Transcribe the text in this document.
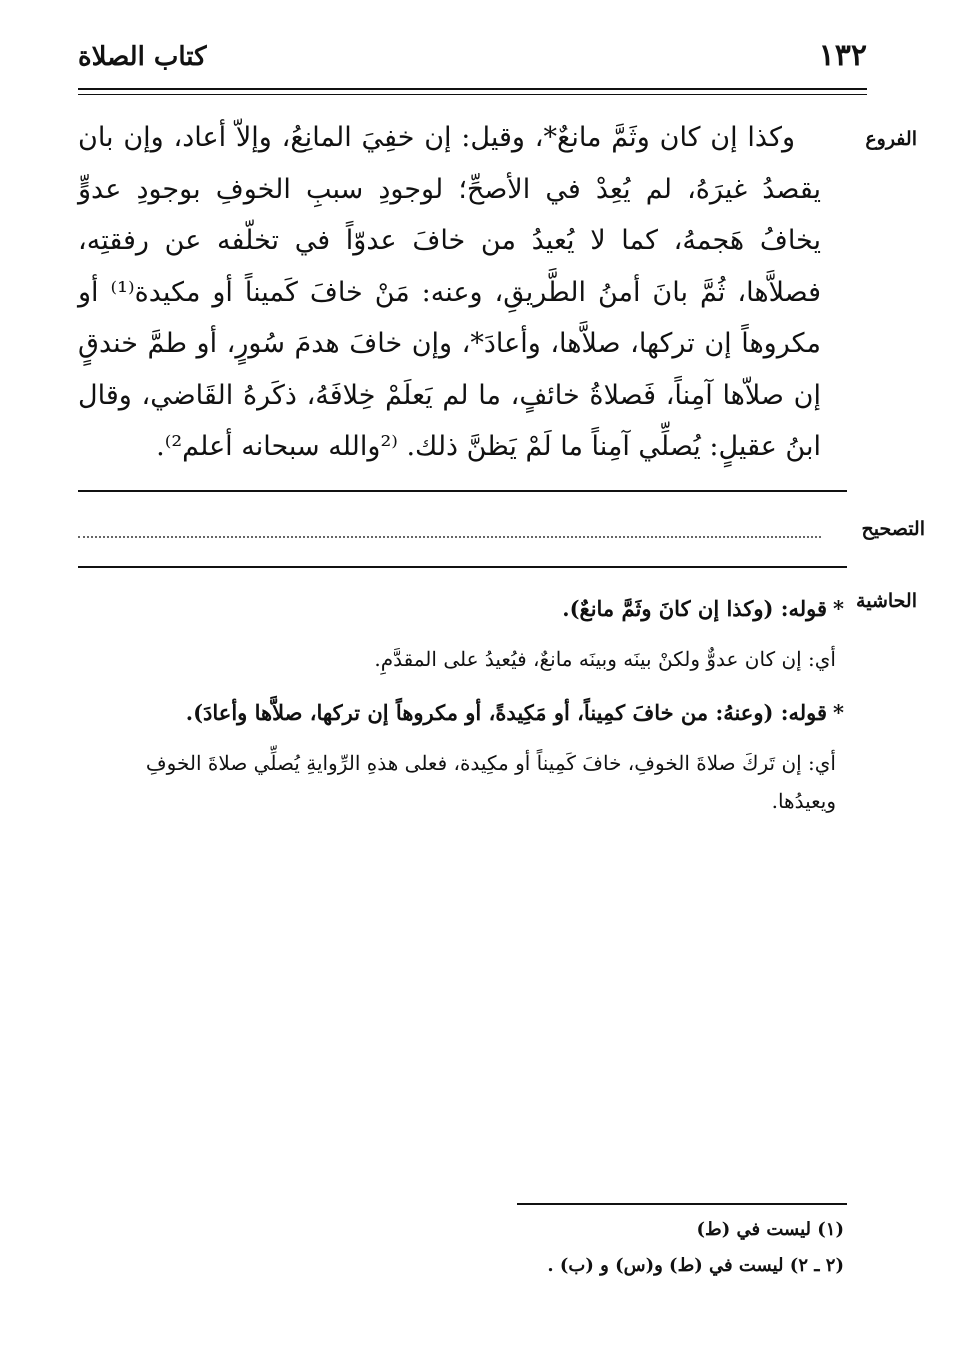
١٣٢
كتاب الصلاة
الفروع

وكذا إن كان وثَمَّ مانعٌ*، وقيل: إن خفِيَ المانِعُ، وإلاّ أعاد، وإن بان يقصدُ غيرَهُ، لم يُعِدْ في الأصحِّ؛ لوجودِ سببِ الخوفِ بوجودِ عدوٍّ يخافُ هَجمهُ، كما لا يُعيدُ من خافَ عدوّاً في تخلّفه عن رفقتِه، فصلاَّها، ثُمَّ بانَ أمنُ الطَّريقِ، وعنه: مَنْ خافَ كَميناً أو مكيدة⁽¹⁾ أو مكروهاً إن تركها، صلاَّها، وأعادَ*، وإن خافَ هدمَ سُورٍ، أو طمَّ خندقٍ إن صلاّها آمِناً، فَصلاةُ خائفٍ، ما لم يَعلَمْ خِلافَهُ، ذكَرهُ القَاضي، وقال ابنُ عقيلٍ: يُصلِّي آمِناً ما لَمْ يَظنَّ ذلك. ⁽²والله سبحانه أعلم²⁾.

التصحيح
الحاشية

*قوله: (وكذا إن كانَ وثَمَّ مانعٌ).

أي: إن كان عدوٌّ ولكنْ بينَه وبينَه مانعٌ، فيُعيدُ على المقدَّمِ.

*قوله: (وعنهُ: من خافَ كمِيناً، أو مَكِيدةً، أو مكروهاً إن تركها، صلاَّها وأعادَ).

أي: إن تَركَ صلاةَ الخوفِ، خافَ كَمِيناً أو مكِيدة، فعلى هذهِ الرِّوايةِ يُصلِّي صلاةَ الخوفِ ويعيدُها.

(١) ليست في (ط)

(٢ ـ ٢) ليست في (ط) و(س) و (ب) .
